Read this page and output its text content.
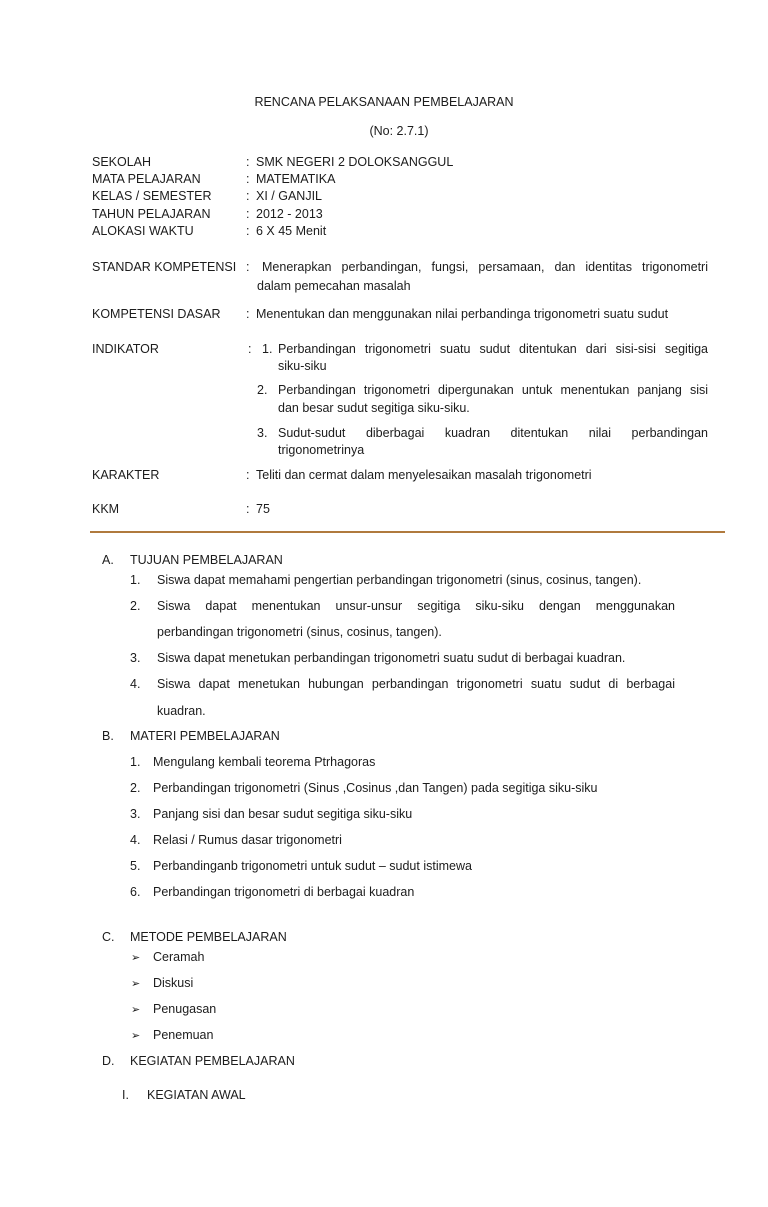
RENCANA PELAKSANAAN PEMBELAJARAN
(No: 2.7.1)
SEKOLAH	: SMK NEGERI 2 DOLOKSANGGUL
MATA PELAJARAN	: MATEMATIKA
KELAS / SEMESTER	: XI / GANJIL
TAHUN PELAJARAN	: 2012 - 2013
ALOKASI WAKTU	: 6 X 45 Menit
STANDAR KOMPETENSI : Menerapkan perbandingan, fungsi, persamaan, dan identitas trigonometri
dalam pemecahan masalah
KOMPETENSI DASAR : Menentukan dan menggunakan nilai perbandinga trigonometri suatu sudut
INDIKATOR	: 1. Perbandingan trigonometri suatu sudut ditentukan dari sisi-sisi segitiga
siku-siku
2. Perbandingan trigonometri dipergunakan untuk menentukan panjang sisi
dan besar sudut segitiga siku-siku.
3. Sudut-sudut diberbagai kuadran ditentukan nilai perbandingan
trigonometrinya
KARAKTER	: Teliti dan cermat dalam menyelesaikan masalah trigonometri
KKM	: 75
A. TUJUAN PEMBELAJARAN
1. Siswa dapat memahami pengertian perbandingan trigonometri (sinus, cosinus, tangen).
2. Siswa dapat menentukan unsur-unsur segitiga siku-siku dengan menggunakan
perbandingan trigonometri (sinus, cosinus, tangen).
3. Siswa dapat menetukan perbandingan trigonometri suatu sudut di berbagai kuadran.
4. Siswa dapat menetukan hubungan perbandingan trigonometri suatu sudut di berbagai
kuadran.
B. MATERI PEMBELAJARAN
1. Mengulang kembali teorema Ptrhagoras
2. Perbandingan trigonometri (Sinus ,Cosinus ,dan Tangen) pada segitiga siku-siku
3. Panjang sisi dan besar sudut segitiga siku-siku
4. Relasi / Rumus dasar trigonometri
5. Perbandinganb trigonometri untuk sudut – sudut istimewa
6. Perbandingan trigonometri di berbagai kuadran
C. METODE PEMBELAJARAN
➢ Ceramah
➢ Diskusi
➢ Penugasan
➢ Penemuan
D. KEGIATAN PEMBELAJARAN
I. KEGIATAN AWAL
